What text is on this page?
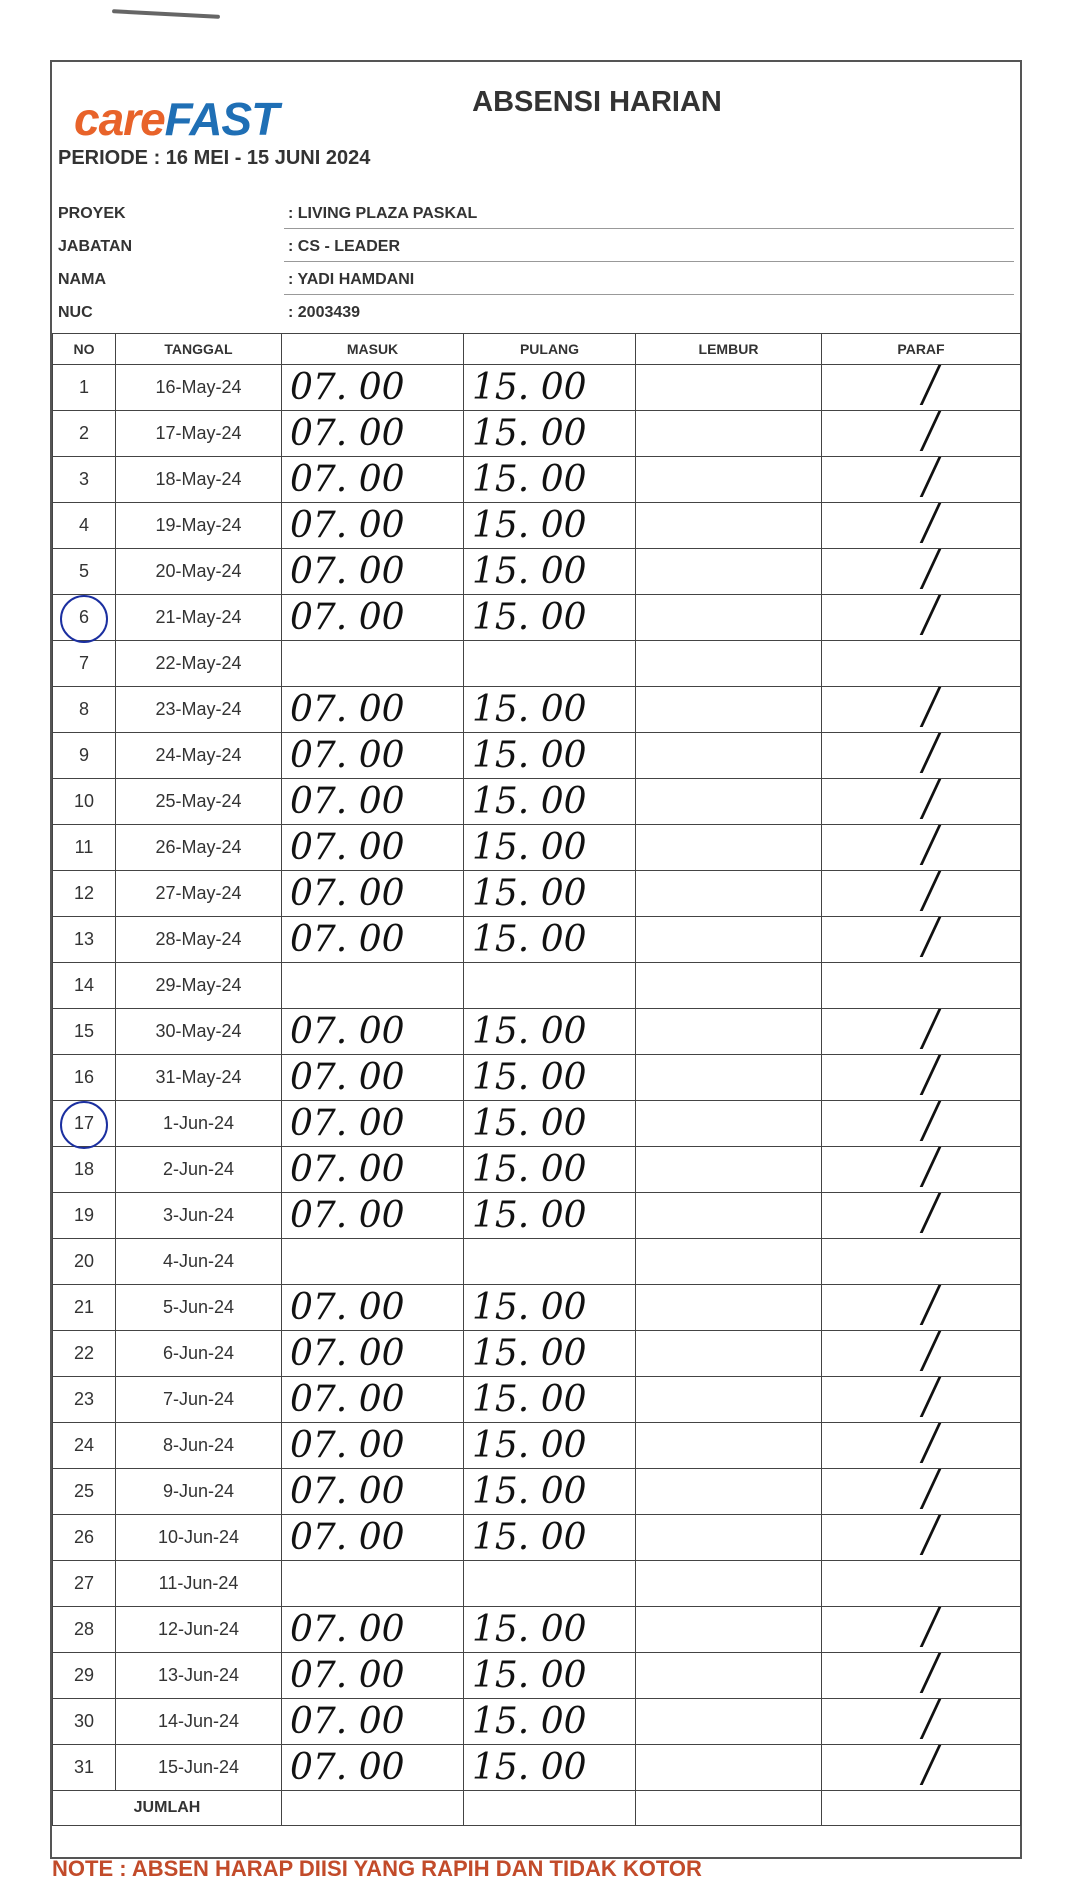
careFAST	ABSENSI HARIAN
PERIODE : 16 MEI - 15 JUNI 2024
PROYEK	: LIVING PLAZA PASKAL
JABATAN	: CS - LEADER
NAMA	: YADI HAMDANI
NUC	: 2003439
NO	TANGGAL	MASUK	PULANG	LEMBUR	PARAF
1	16-May-24	07. 00	15. 00		
2	17-May-24	07. 00	15. 00		
3	18-May-24	07. 00	15. 00		
4	19-May-24	07. 00	15. 00		
5	20-May-24	07. 00	15. 00		
6	21-May-24	07. 00	15. 00		
7	22-May-24				
8	23-May-24	07. 00	15. 00		
9	24-May-24	07. 00	15. 00		
10	25-May-24	07. 00	15. 00		
11	26-May-24	07. 00	15. 00		
12	27-May-24	07. 00	15. 00		
13	28-May-24	07. 00	15. 00		
14	29-May-24				
15	30-May-24	07. 00	15. 00		
16	31-May-24	07. 00	15. 00		
17	1-Jun-24	07. 00	15. 00		
18	2-Jun-24	07. 00	15. 00		
19	3-Jun-24	07. 00	15. 00		
20	4-Jun-24				
21	5-Jun-24	07. 00	15. 00		
22	6-Jun-24	07. 00	15. 00		
23	7-Jun-24	07. 00	15. 00		
24	8-Jun-24	07. 00	15. 00		
25	9-Jun-24	07. 00	15. 00		
26	10-Jun-24	07. 00	15. 00		
27	11-Jun-24				
28	12-Jun-24	07. 00	15. 00		
29	13-Jun-24	07. 00	15. 00		
30	14-Jun-24	07. 00	15. 00		
31	15-Jun-24	07. 00	15. 00		
JUMLAH					
NOTE : ABSEN HARAP DIISI YANG RAPIH DAN TIDAK KOTOR
